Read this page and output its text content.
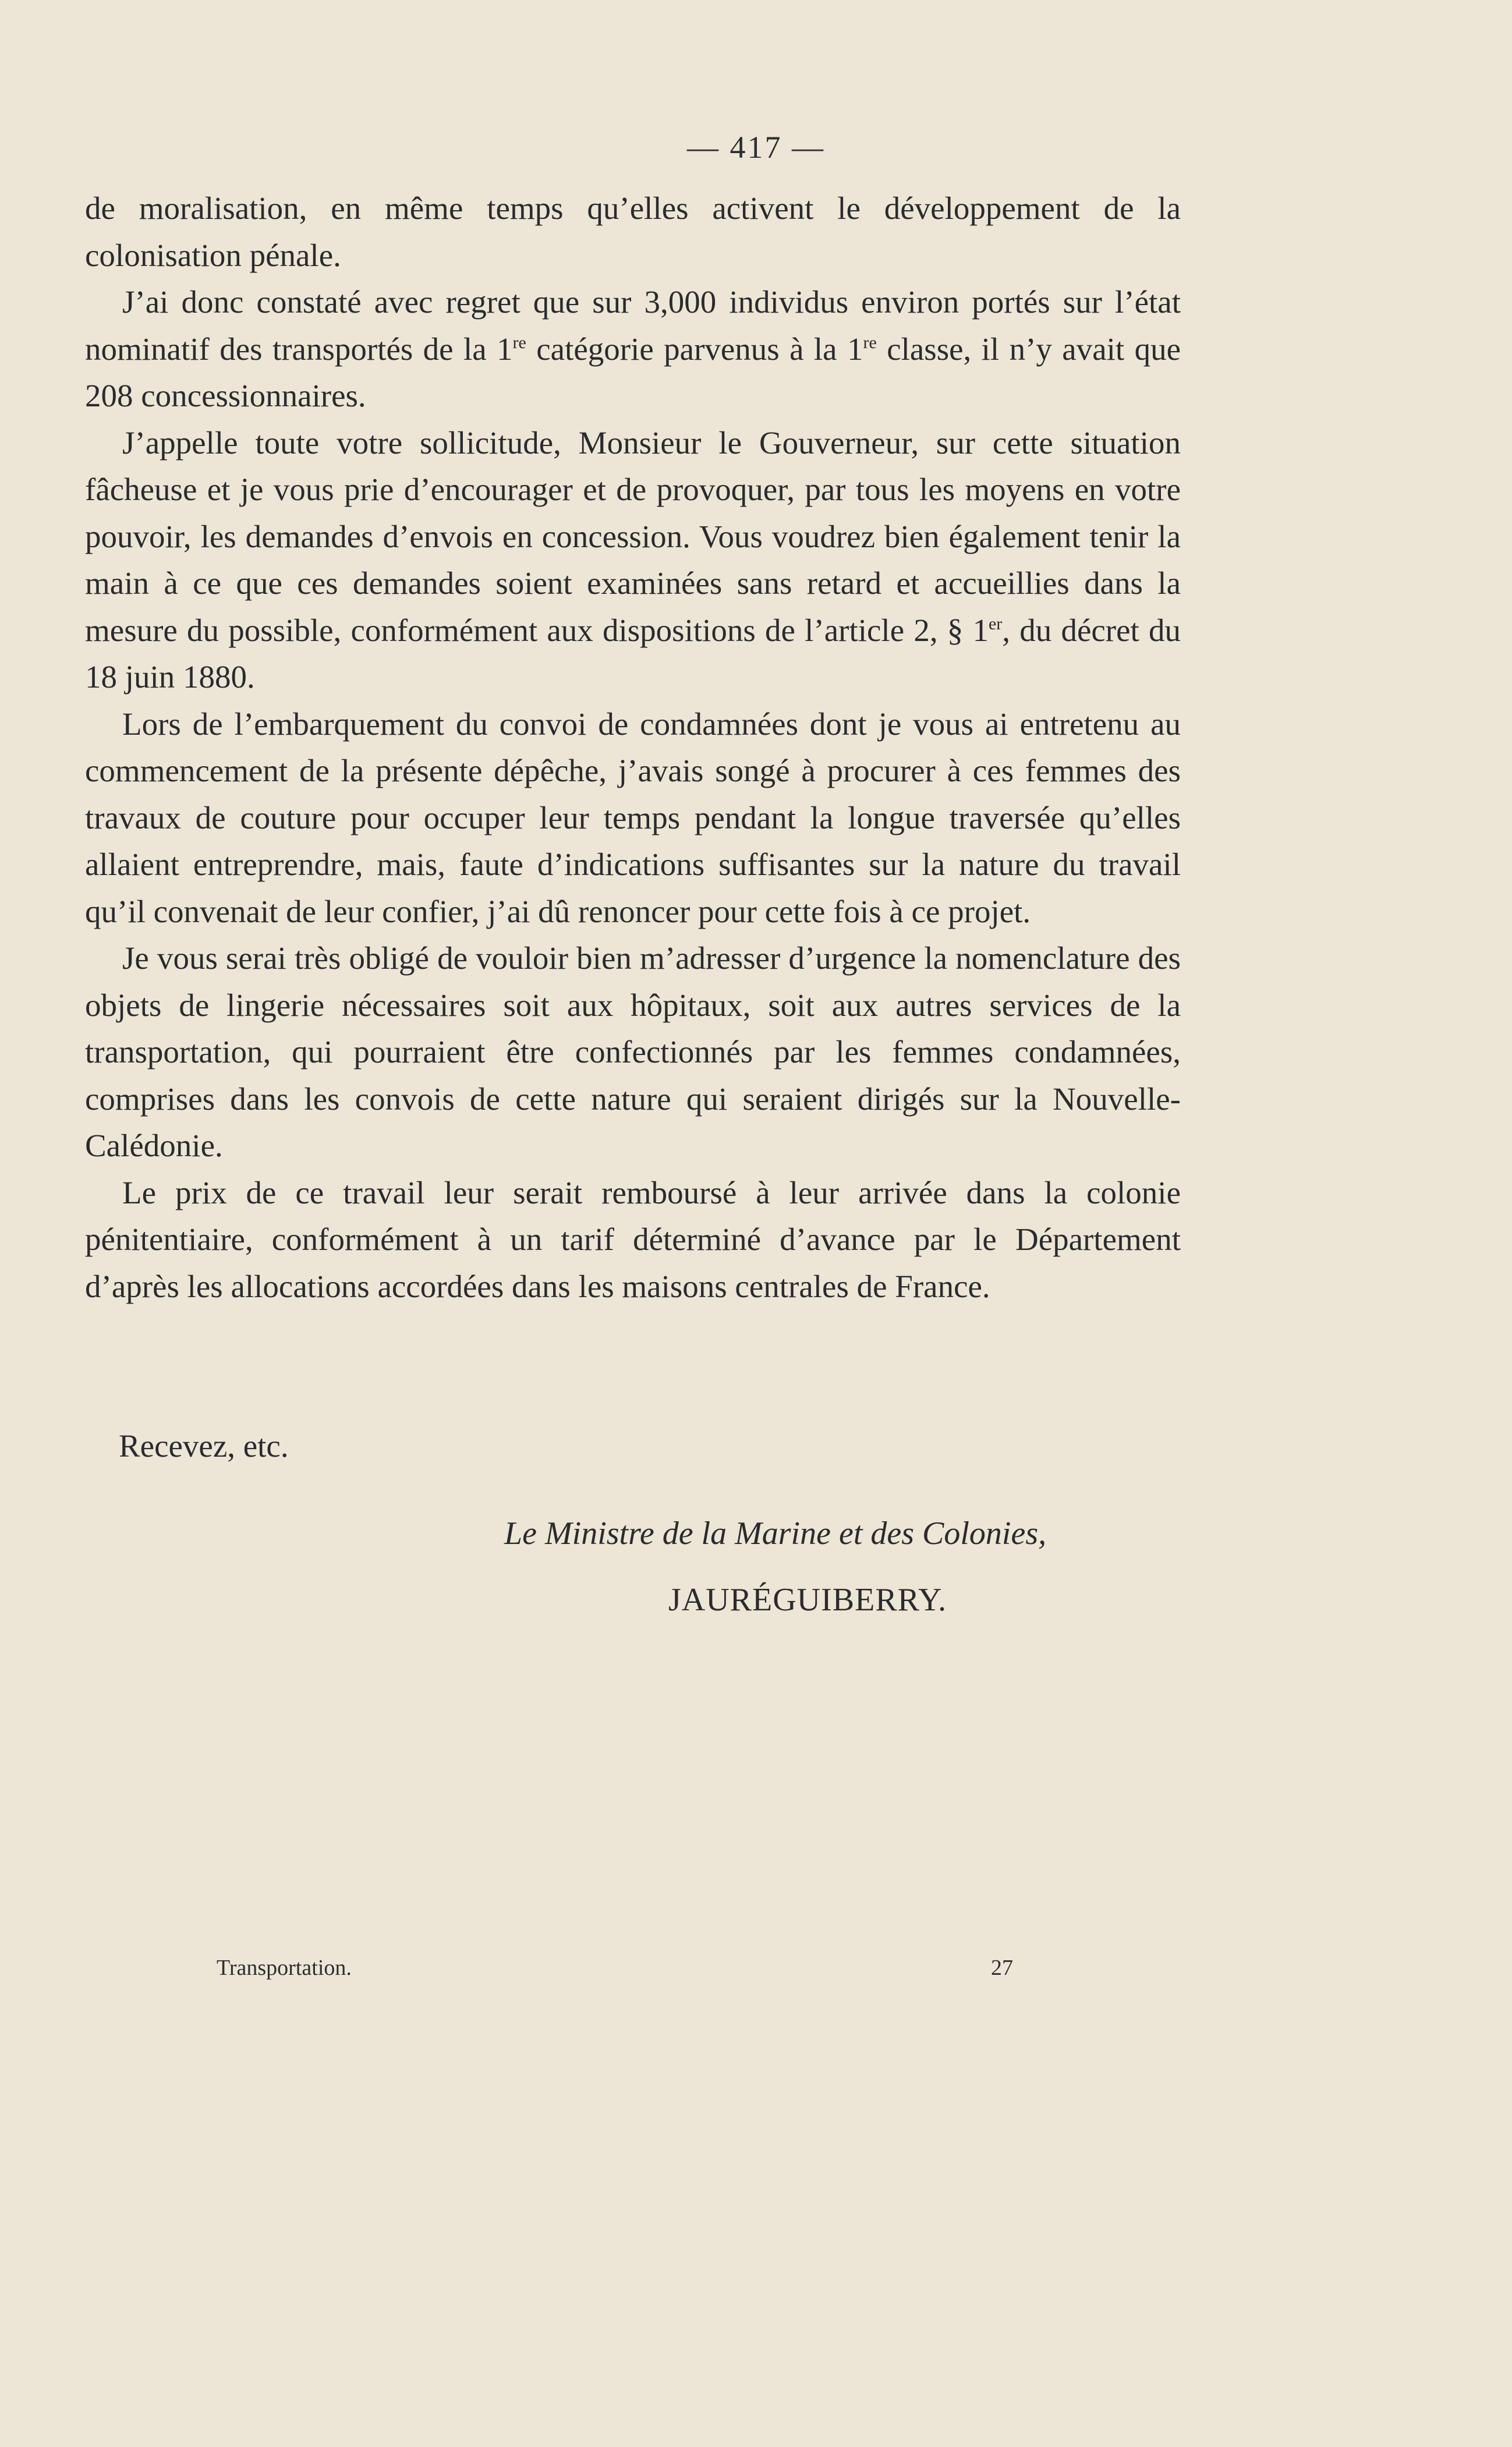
— 417 —

de moralisation, en même temps qu’elles activent le développement de la colonisation pénale.

J’ai donc constaté avec regret que sur 3,000 individus environ portés sur l’état nominatif des transportés de la 1re catégorie parvenus à la 1re classe, il n’y avait que 208 concessionnaires.

J’appelle toute votre sollicitude, Monsieur le Gouverneur, sur cette situation fâcheuse et je vous prie d’encourager et de provoquer, par tous les moyens en votre pouvoir, les demandes d’envois en concession. Vous voudrez bien également tenir la main à ce que ces demandes soient examinées sans retard et accueillies dans la mesure du possible, conformément aux dispositions de l’article 2, § 1er, du décret du 18 juin 1880.

Lors de l’embarquement du convoi de condamnées dont je vous ai entretenu au commencement de la présente dépêche, j’avais songé à procurer à ces femmes des travaux de couture pour occuper leur temps pendant la longue traversée qu’elles allaient entreprendre, mais, faute d’indications suffisantes sur la nature du travail qu’il convenait de leur confier, j’ai dû renoncer pour cette fois à ce projet.

Je vous serai très obligé de vouloir bien m’adresser d’urgence la nomenclature des objets de lingerie nécessaires soit aux hôpitaux, soit aux autres services de la transportation, qui pourraient être confectionnés par les femmes condamnées, comprises dans les convois de cette nature qui seraient dirigés sur la Nouvelle-Calédonie.

Le prix de ce travail leur serait remboursé à leur arrivée dans la colonie pénitentiaire, conformément à un tarif déterminé d’avance par le Département d’après les allocations accordées dans les maisons centrales de France.

Recevez, etc.
Le Ministre de la Marine et des Colonies,
JAURÉGUIBERRY.
Transportation.	27
